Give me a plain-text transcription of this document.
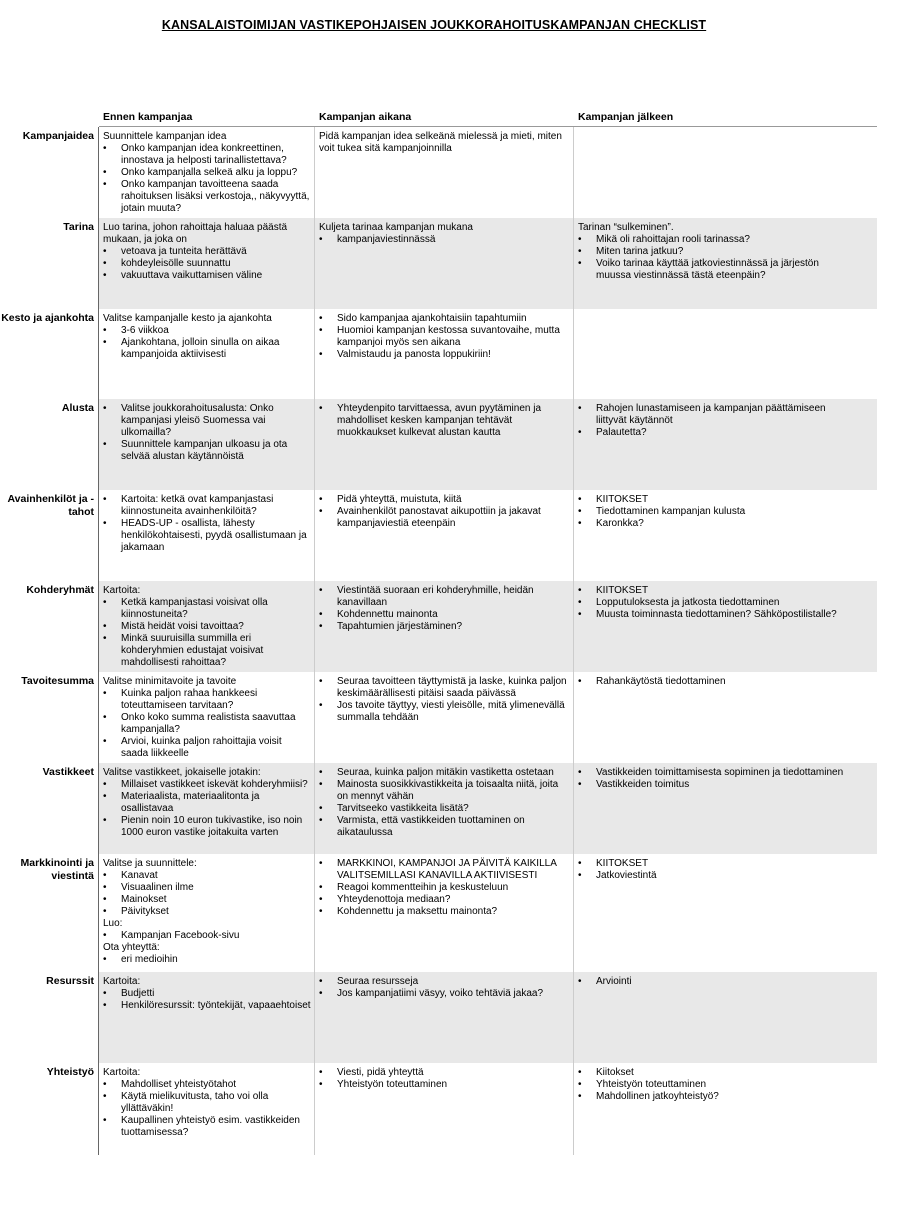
KANSALAISTOIMIJAN VASTIKEPOHJAISEN JOUKKORAHOITUSKAMPANJAN CHECKLIST
Ennen kampanjaa	Kampanjan aikana	Kampanjan jälkeen
Kampanjaidea Suunnittele kampanjan idea
• Onko kampanjan idea konkreettinen, innostava ja helposti tarinallistettava?
• Onko kampanjalla selkeä alku ja loppu?
• Onko kampanjan tavoitteena saada rahoituksen lisäksi verkostoja,, näkyvyyttä, jotain muuta?
Pidä kampanjan idea selkeänä mielessä ja mieti, miten voit tukea sitä kampanjoinnilla
Tarina Luo tarina, johon rahoittaja haluaa päästä mukaan, ja joka on
• vetoava ja tunteita herättävä
• kohdeyleisölle suunnattu
• vakuuttava vaikuttamisen väline
Kuljeta tarinaa kampanjan mukana
• kampanjaviestinnässä
Tarinan “sulkeminen”.
• Mikä oli rahoittajan rooli tarinassa?
• Miten tarina jatkuu?
• Voiko tarinaa käyttää jatkoviestinnässä ja järjestön muussa viestinnässä tästä eteenpäin?
Kesto ja ajankohta Valitse kampanjalle kesto ja ajankohta
• 3-6 viikkoa
• Ajankohtana, jolloin sinulla on aikaa kampanjoida aktiivisesti
• Sido kampanjaa ajankohtaisiin tapahtumiin
• Huomioi kampanjan kestossa suvantovaihe, mutta kampanjoi myös sen aikana
• Valmistaudu ja panosta loppukiriin!
Alusta
•	Valitse joukkorahoitusalusta: Onko kampanjasi yleisö Suomessa vai ulkomailla?
• Suunnittele kampanjan ulkoasu ja ota selvää alustan käytännöistä
• Yhteydenpito tarvittaessa, avun pyytäminen ja mahdolliset kesken kampanjan tehtävät muokkaukset kulkevat alustan kautta
• Rahojen lunastamiseen ja kampanjan päättämiseen liittyvät käytännöt
• Palautetta?
Avainhenkilöt ja -tahot
• Kartoita: ketkä ovat kampanjastasi kiinnostuneita avainhenkilöitä?
• HEADS-UP - osallista, lähesty henkilökohtaisesti, pyydä osallistumaan ja jakamaan
• Pidä yhteyttä, muistuta, kiitä
• Avainhenkilöt panostavat aikupottiin ja jakavat kampanjaviestiä eteenpäin
• KIITOKSET
• Tiedottaminen kampanjan kulusta
• Karonkka?
Kohderyhmät Kartoita:
• Ketkä kampanjastasi voisivat olla kiinnostuneita?
• Mistä heidät voisi tavoittaa?
• Minkä suuruisilla summilla eri kohderyhmien edustajat voisivat mahdollisesti rahoittaa?
• Viestintää suoraan eri kohderyhmille, heidän kanavillaan
• Kohdennettu mainonta
• Tapahtumien järjestäminen?
• KIITOKSET
• Lopputuloksesta ja jatkosta tiedottaminen
• Muusta toiminnasta tiedottaminen? Sähköpostilistalle?
Tavoitesumma Valitse minimitavoite ja tavoite
• Kuinka paljon rahaa hankkeesi toteuttamiseen tarvitaan?
• Onko koko summa realistista saavuttaa kampanjalla?
• Arvioi, kuinka paljon rahoittajia voisit saada liikkeelle
• Seuraa tavoitteen täyttymistä ja laske, kuinka paljon keskimäärällisesti pitäisi saada päivässä
• Jos tavoite täyttyy, viesti yleisölle, mitä ylimenevällä summalla tehdään
• Rahankäytöstä tiedottaminen
Vastikkeet Valitse vastikkeet, jokaiselle jotakin:
• Millaiset vastikkeet iskevät kohderyhmiisi?
• Materiaalista, materiaalitonta ja osallistavaa
• Pienin noin 10 euron tukivastike, iso noin 1000 euron vastike joitakuita varten
• Seuraa, kuinka paljon mitäkin vastiketta ostetaan
• Mainosta suosikkivastikkeita ja toisaalta niitä, joita on mennyt vähän
• Tarvitseeko vastikkeita lisätä?
• Varmista, että vastikkeiden tuottaminen on aikataulussa
• Vastikkeiden toimittamisesta sopiminen ja tiedottaminen
• Vastikkeiden toimitus
Markkinointi ja viestintä
Valitse ja suunnittele:
• Kanavat
• Visuaalinen ilme
• Mainokset
• Päivitykset
Luo:
• Kampanjan Facebook-sivu
Ota yhteyttä:
• eri medioihin
• MARKKINOI, KAMPANJOI JA PÄIVITÄ KAIKILLA VALITSEMILLASI KANAVILLA AKTIIVISESTI
• Reagoi kommentteihin ja keskusteluun
• Yhteydenottoja mediaan?
• Kohdennettu ja maksettu mainonta?
• KIITOKSET
• Jatkoviestintä
Resurssit Kartoita:
• Budjetti
• Henkilöresurssit: työntekijät, vapaaehtoiset
• Seuraa resursseja
• Jos kampanjatiimi väsyy, voiko tehtäviä jakaa?
• Arviointi
Yhteistyö Kartoita:
• Mahdolliset yhteistyötahot
• Käytä mielikuvitusta, taho voi olla yllättäväkin!
• Kaupallinen yhteistyö esim. vastikkeiden tuottamisessa?
• Viesti, pidä yhteyttä
• Yhteistyön toteuttaminen
• Kiitokset
• Yhteistyön toteuttaminen
• Mahdollinen jatkoyhteistyö?
